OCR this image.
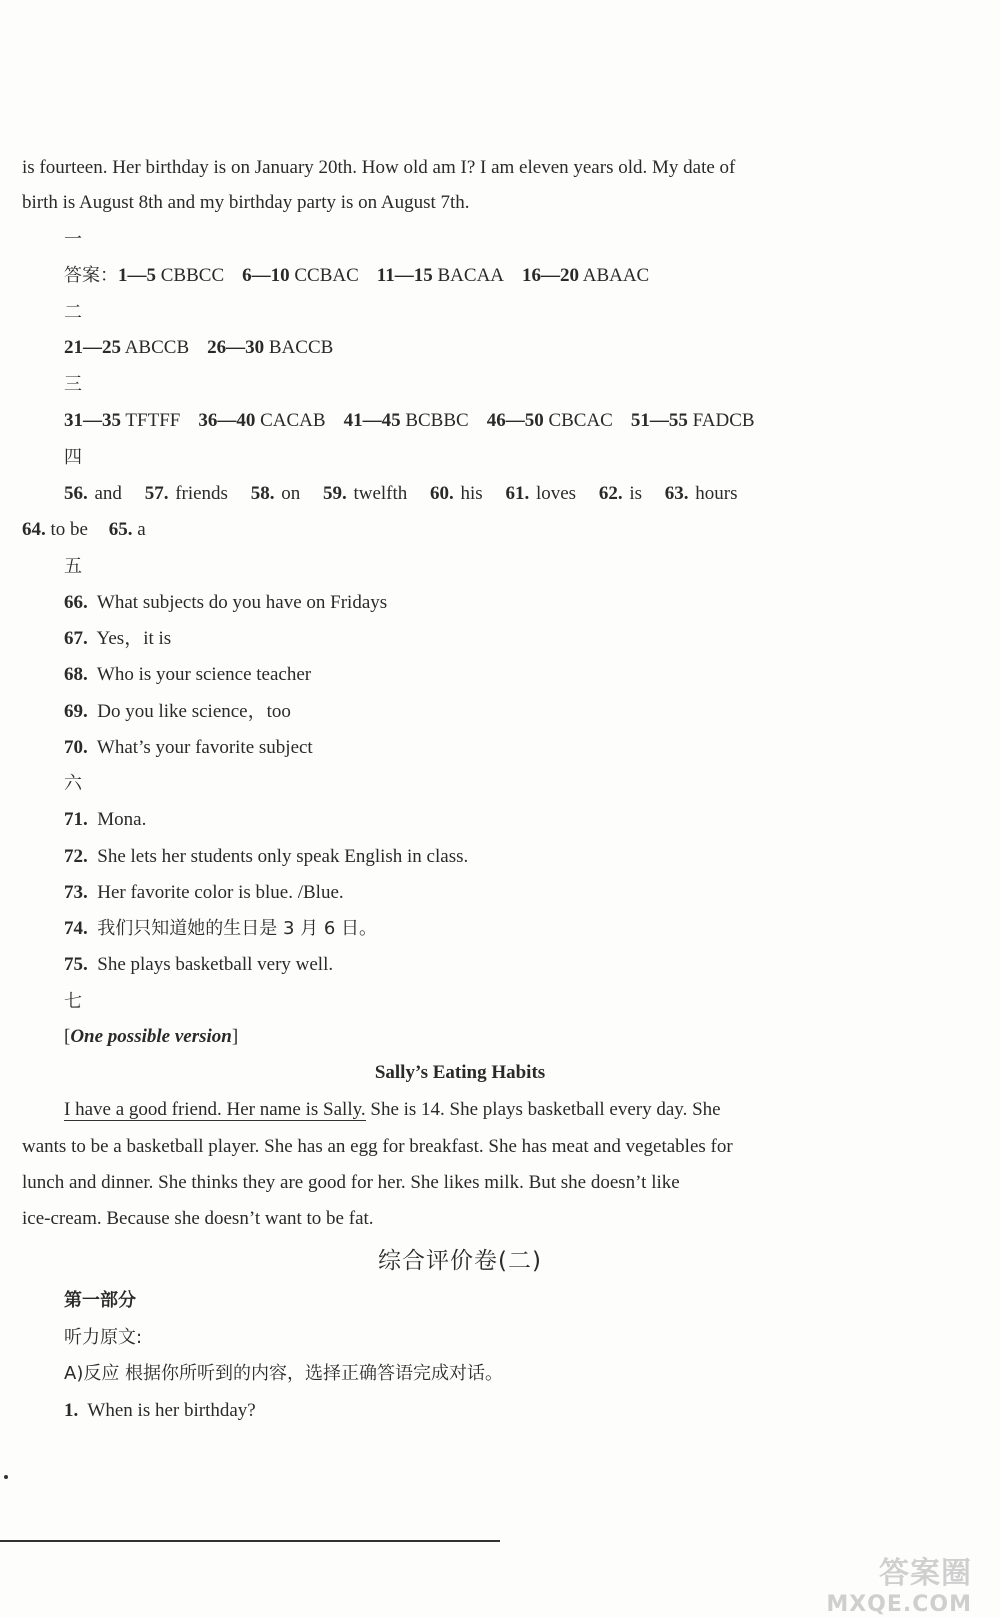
is fourteen. Her birthday is on January 20th. How old am I? I am eleven years old. My date of
birth is August 8th and my birthday party is on August 7th.
一
答案：1—5 CBBCC 6—10 CCBAC 11—15 BACAA 16—20 ABAAC
二
21—25 ABCCB 26—30 BACCB
三
31—35 TFTFF 36—40 CACAB 41—45 BCBBC 46—50 CBCAC 51—55 FADCB
四
56. and 57. friends 58. on 59. twelfth 60. his 61. loves 62. is 63. hours
64. to be 65. a
五
66. What subjects do you have on Fridays
67. Yes，it is
68. Who is your science teacher
69. Do you like science，too
70. What’s your favorite subject
六
71. Mona.
72. She lets her students only speak English in class.
73. Her favorite color is blue. /Blue.
74. 我们只知道她的生日是 3 月 6 日。
75. She plays basketball very well.
七
[One possible version]
Sally’s Eating Habits
I have a good friend. Her name is Sally. She is 14. She plays basketball every day. She
wants to be a basketball player. She has an egg for breakfast. She has meat and vegetables for
lunch and dinner. She thinks they are good for her. She likes milk. But she doesn’t like
ice-cream. Because she doesn’t want to be fat.
综合评价卷(二)
第一部分
听力原文:
A)反应 根据你所听到的内容，选择正确答语完成对话。
1. When is her birthday?
答案圈
MXQE.COM
